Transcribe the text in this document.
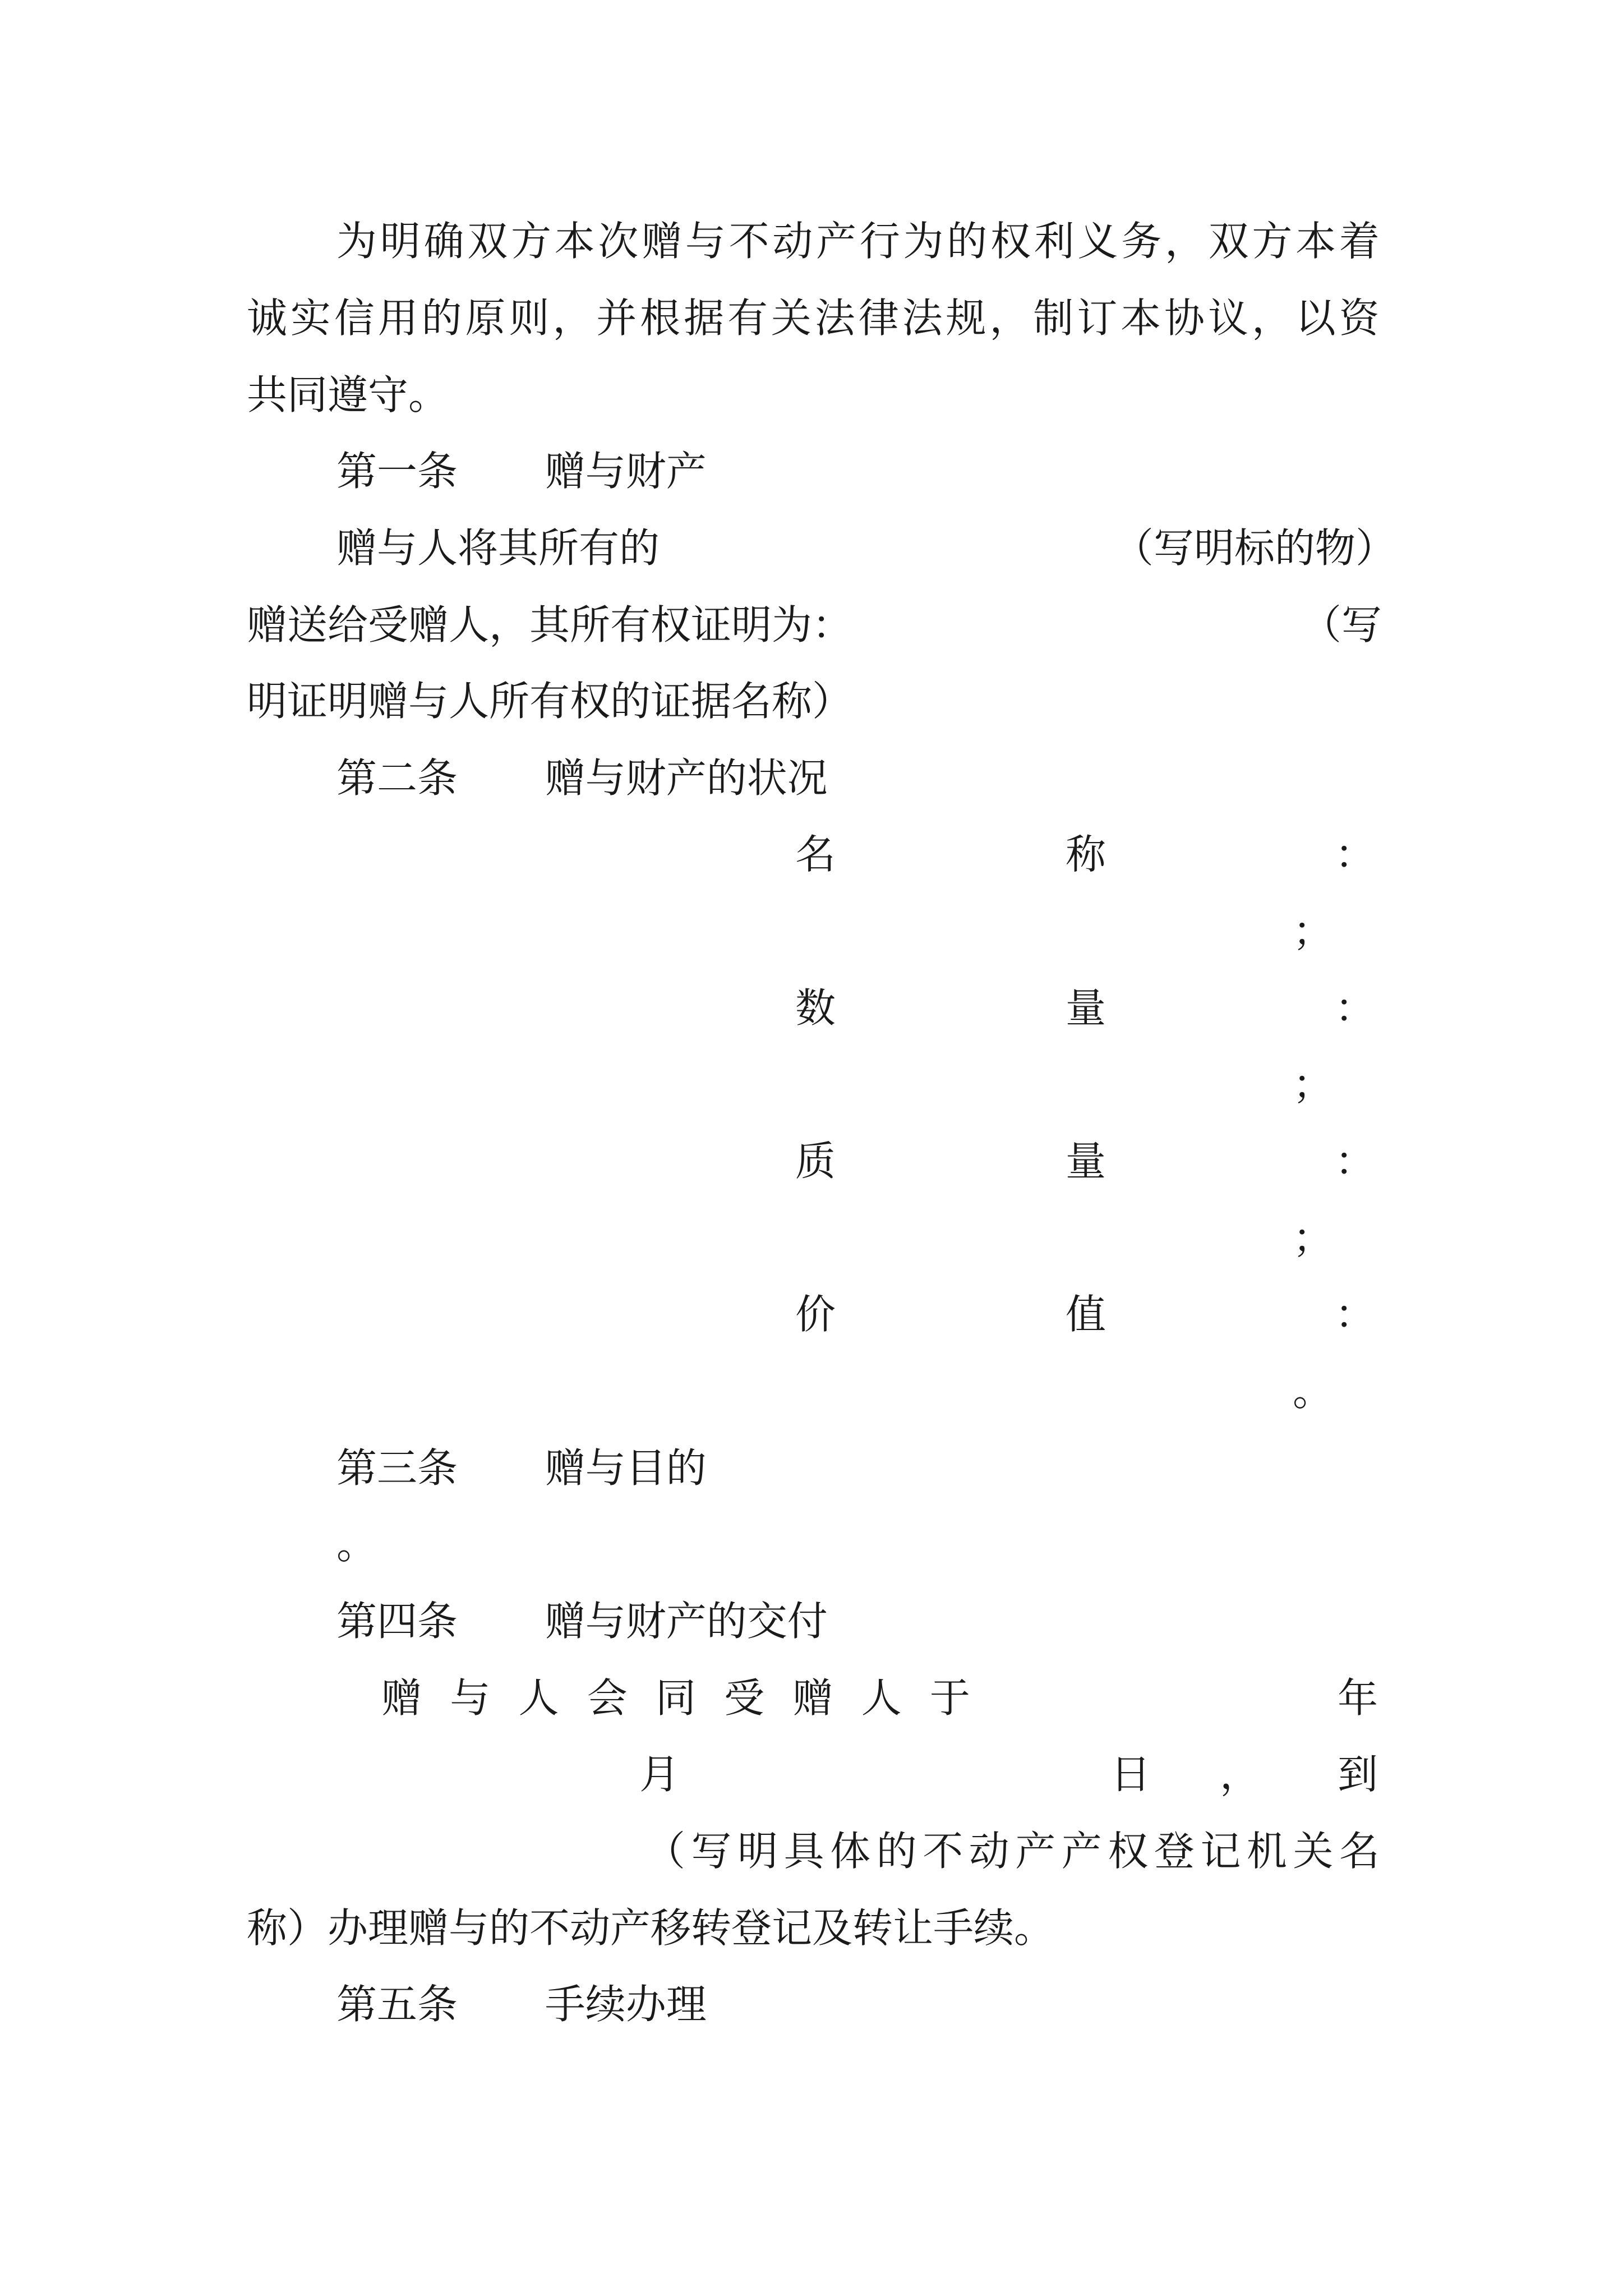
为 明 确 双 方 本 次 赠 与 不 动 产 行 为 的 权 利 义 务 ， 双 方 本 着
诚 实 信 用 的 原 则 ， 并 根 据 有 关 法 律 法 规 ， 制 订 本 协 议 ， 以 资
共同遵守。
第一条 赠与财产
赠与人将其所有的	（写明标的物）
赠送给受赠人，其所有权证明为：	（写
明证明赠与人所有权的证据名称）
第二条 赠与财产的状况
名	称	：
；
数	量	：
；
质	量	：
；
价	值	：
。
第三条 赠与目的
。
第四条 赠与财产的交付
赠 与 人 会 同 受 赠 人 于	年
月	日 ， 到
（ 写 明 具 体 的 不 动 产 产 权 登 记 机 关 名
称）办理赠与的不动产移转登记及转让手续。
第五条 手续办理
